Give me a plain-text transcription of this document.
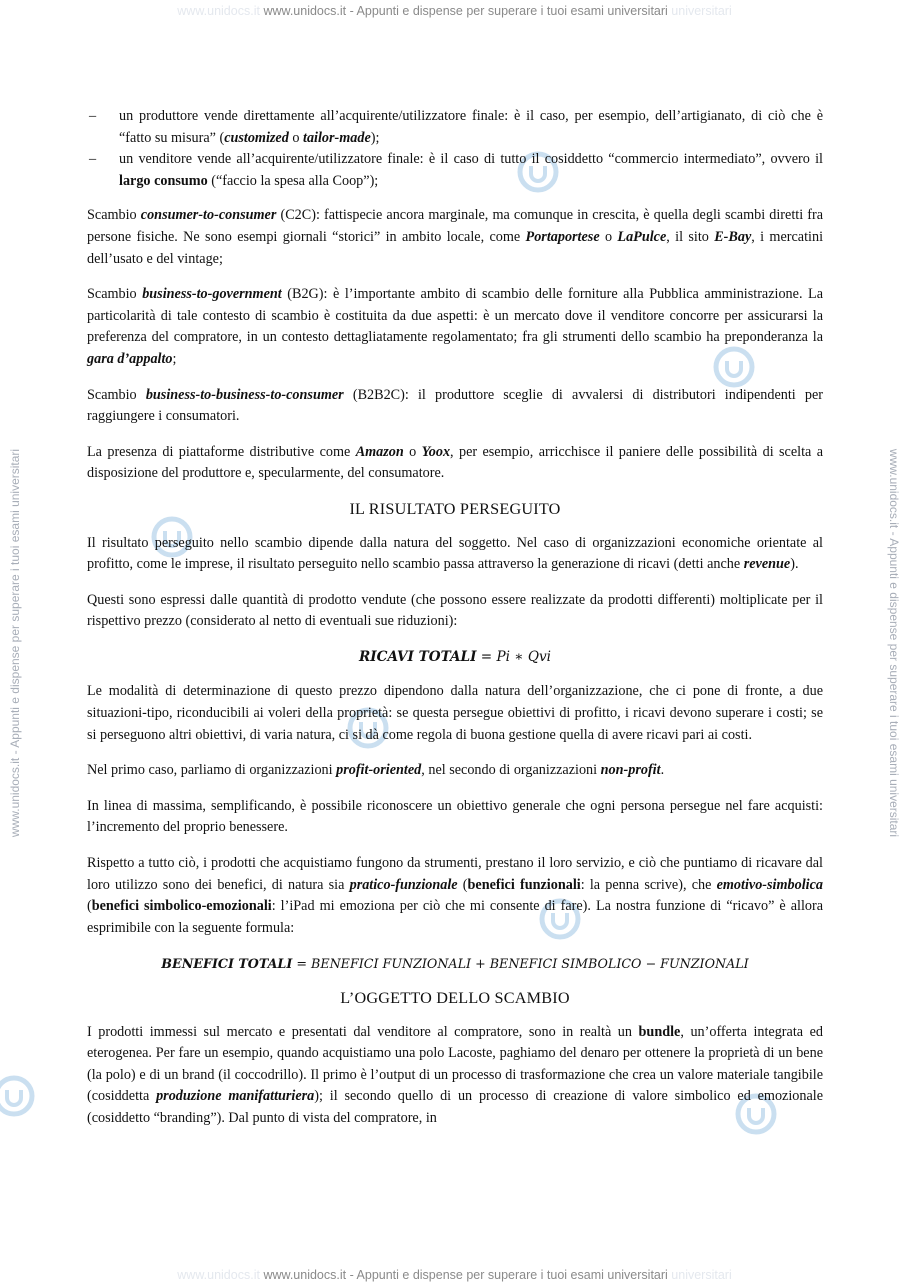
www.unidocs.it www.unidocs.it - Appunti e dispense per superare i tuoi esami universitari universitari
www.unidocs.it www.unidocs.it - Appunti e dispense per superare i tuoi esami universitari universitari
www.unidocs.it - Appunti e dispense per superare i tuoi esami universitari	www.unidocs.it - Appunti e dispense per superare i tuoi esami universitari
– un produttore vende direttamente all’acquirente/utilizzatore finale: è il caso, per esempio, dell’artigianato, di ciò che è “fatto su misura” (customized o tailor-made);
– un venditore vende all’acquirente/utilizzatore finale: è il caso di tutto il cosiddetto “commercio intermediato”, ovvero il largo consumo (“faccio la spesa alla Coop”);

Scambio consumer-to-consumer (C2C): fattispecie ancora marginale, ma comunque in crescita, è quella degli scambi diretti fra persone fisiche. Ne sono esempi giornali “storici” in ambito locale, come Portaportese o LaPulce, il sito E-Bay, i mercatini dell’usato e del vintage;

Scambio business-to-government (B2G): è l’importante ambito di scambio delle forniture alla Pubblica amministrazione. La particolarità di tale contesto di scambio è costituita da due aspetti: è un mercato dove il venditore concorre per assicurarsi la preferenza del compratore, in un contesto dettagliatamente regolamentato; fra gli strumenti dello scambio ha preponderanza la gara d’appalto;

Scambio business-to-business-to-consumer (B2B2C): il produttore sceglie di avvalersi di distributori indipendenti per raggiungere i consumatori.

La presenza di piattaforme distributive come Amazon o Yoox, per esempio, arricchisce il paniere delle possibilità di scelta a disposizione del produttore e, specularmente, del consumatore.

IL RISULTATO PERSEGUITO

Il risultato perseguito nello scambio dipende dalla natura del soggetto. Nel caso di organizzazioni economiche orientate al profitto, come le imprese, il risultato perseguito nello scambio passa attraverso la generazione di ricavi (detti anche revenue).

Questi sono espressi dalle quantità di prodotto vendute (che possono essere realizzate da prodotti differenti) moltiplicate per il rispettivo prezzo (considerato al netto di eventuali sue riduzioni):

RICAVI TOTALI = Pi ∗ Qvi

Le modalità di determinazione di questo prezzo dipendono dalla natura dell’organizzazione, che ci pone di fronte, a due situazioni-tipo, riconducibili ai voleri della proprietà: se questa persegue obiettivi di profitto, i ricavi devono superare i costi; se si perseguono altri obiettivi, di varia natura, ci si dà come regola di buona gestione quella di avere ricavi pari ai costi.

Nel primo caso, parliamo di organizzazioni profit-oriented, nel secondo di organizzazioni non-profit.

In linea di massima, semplificando, è possibile riconoscere un obiettivo generale che ogni persona persegue nel fare acquisti: l’incremento del proprio benessere.

Rispetto a tutto ciò, i prodotti che acquistiamo fungono da strumenti, prestano il loro servizio, e ciò che puntiamo di ricavare dal loro utilizzo sono dei benefici, di natura sia pratico-funzionale (benefici funzionali: la penna scrive), che emotivo-simbolica (benefici simbolico-emozionali: l’iPad mi emoziona per ciò che mi consente di fare). La nostra funzione di “ricavo” è allora esprimibile con la seguente formula:

BENEFICI TOTALI = BENEFICI FUNZIONALI + BENEFICI SIMBOLICO − FUNZIONALI
L’OGGETTO DELLO SCAMBIO

I prodotti immessi sul mercato e presentati dal venditore al compratore, sono in realtà un bundle, un’offerta integrata ed eterogenea. Per fare un esempio, quando acquistiamo una polo Lacoste, paghiamo del denaro per ottenere la proprietà di un bene (la polo) e di un brand (il coccodrillo). Il primo è l’output di un processo di trasformazione che crea un valore materiale tangibile (cosiddetta produzione manifatturiera); il secondo quello di un processo di creazione di valore simbolico ed emozionale (cosiddetto “branding”). Dal punto di vista del compratore, in
